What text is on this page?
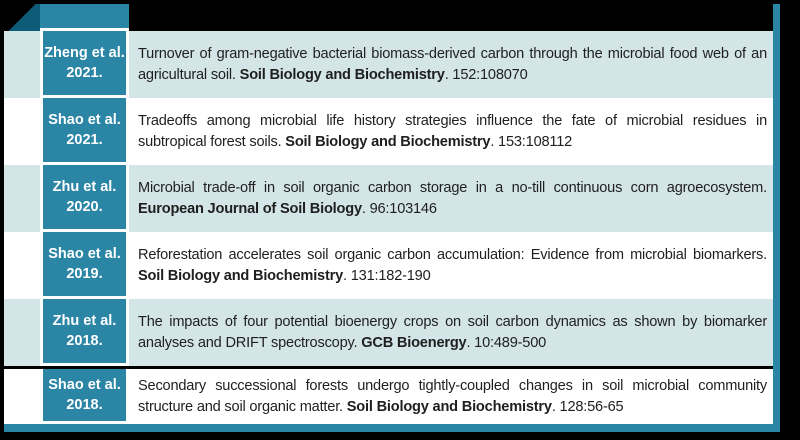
Zheng et al.
2021.

Turnover of gram-negative bacterial biomass-derived carbon through the microbial food web of an agricultural soil. Soil Biology and Biochemistry. 152:108070

Shao et al.
2021.

Tradeoffs among microbial life history strategies influence the fate of microbial residues in subtropical forest soils. Soil Biology and Biochemistry. 153:108112

Zhu et al.
2020.

Microbial trade-off in soil organic carbon storage in a no-till continuous corn agroecosystem. European Journal of Soil Biology. 96:103146

Shao et al.
2019.

Reforestation accelerates soil organic carbon accumulation: Evidence from microbial biomarkers. Soil Biology and Biochemistry. 131:182-190

Zhu et al.
2018.

The impacts of four potential bioenergy crops on soil carbon dynamics as shown by biomarker analyses and DRIFT spectroscopy. GCB Bioenergy. 10:489-500

Shao et al.
2018.

Secondary successional forests undergo tightly-coupled changes in soil microbial community structure and soil organic matter. Soil Biology and Biochemistry. 128:56-65
